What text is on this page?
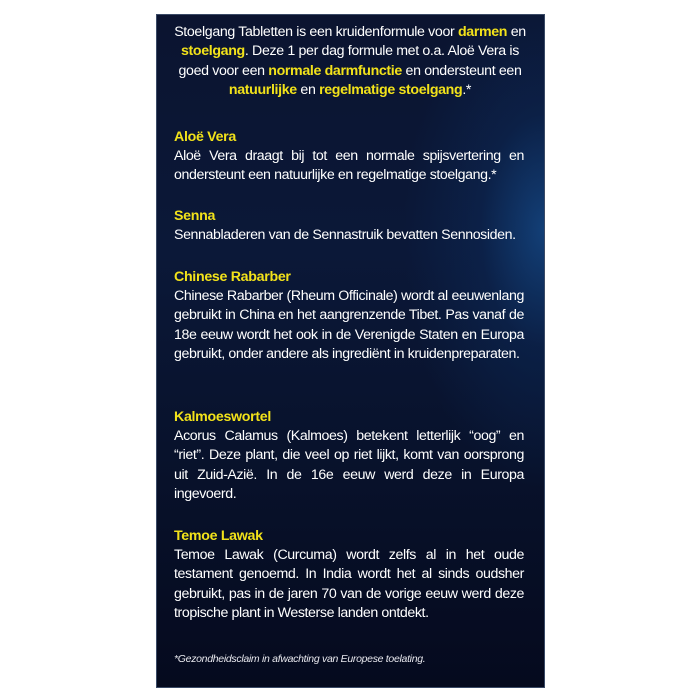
Stoelgang Tabletten is een kruidenformule voor darmen en stoelgang. Deze 1 per dag formule met o.a. Aloë Vera is goed voor een normale darmfunctie en ondersteunt een natuurlijke en regelmatige stoelgang.*
Aloë Vera

Aloë Vera draagt bij tot een normale spijsvertering en ondersteunt een natuurlijke en regelmatige stoelgang.*

Senna

Sennabladeren van de Sennastruik bevatten Sennosiden.

Chinese Rabarber

Chinese Rabarber (Rheum Officinale) wordt al eeuwenlang gebruikt in China en het aangrenzende Tibet. Pas vanaf de 18e eeuw wordt het ook in de Verenigde Staten en Europa gebruikt, onder andere als ingrediënt in kruidenpreparaten.

Kalmoeswortel

Acorus Calamus (Kalmoes) betekent letterlijk “oog” en “riet”. Deze plant, die veel op riet lijkt, komt van oorsprong uit Zuid-Azië. In de 16e eeuw werd deze in Europa ingevoerd.

Temoe Lawak

Temoe Lawak (Curcuma) wordt zelfs al in het oude testament genoemd. In India wordt het al sinds oudsher gebruikt, pas in de jaren 70 van de vorige eeuw werd deze tropische plant in Westerse landen ontdekt.

*Gezondheidsclaim in afwachting van Europese toelating.
